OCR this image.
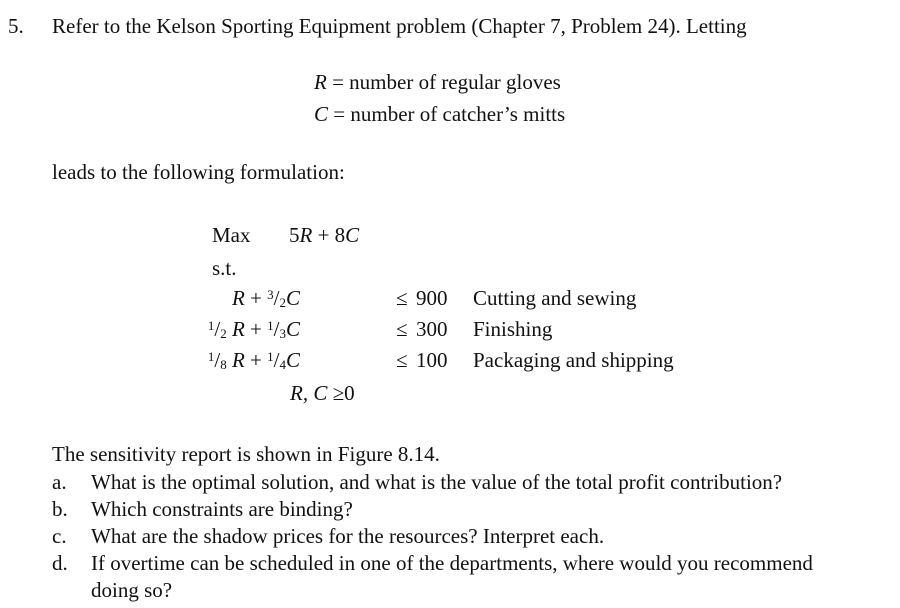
5. Refer to the Kelson Sporting Equipment problem (Chapter 7, Problem 24). Letting
R = number of regular gloves
C = number of catcher’s mitts
leads to the following formulation:
Max 5R + 8C
s.t.
$R + ^3/_2C$	≤ 900 Cutting and sewing
$^1/_2$ $R + ^1/_3C$	≤ 300 Finishing
$^1/_8$ $R + ^1/_4C$	≤ 100 Packaging and shipping
R, C ≥0
The sensitivity report is shown in Figure 8.14.
a. What is the optimal solution, and what is the value of the total profit contribution?
b. Which constraints are binding?
c. What are the shadow prices for the resources? Interpret each.
d. If overtime can be scheduled in one of the departments, where would you recommend
doing so?
